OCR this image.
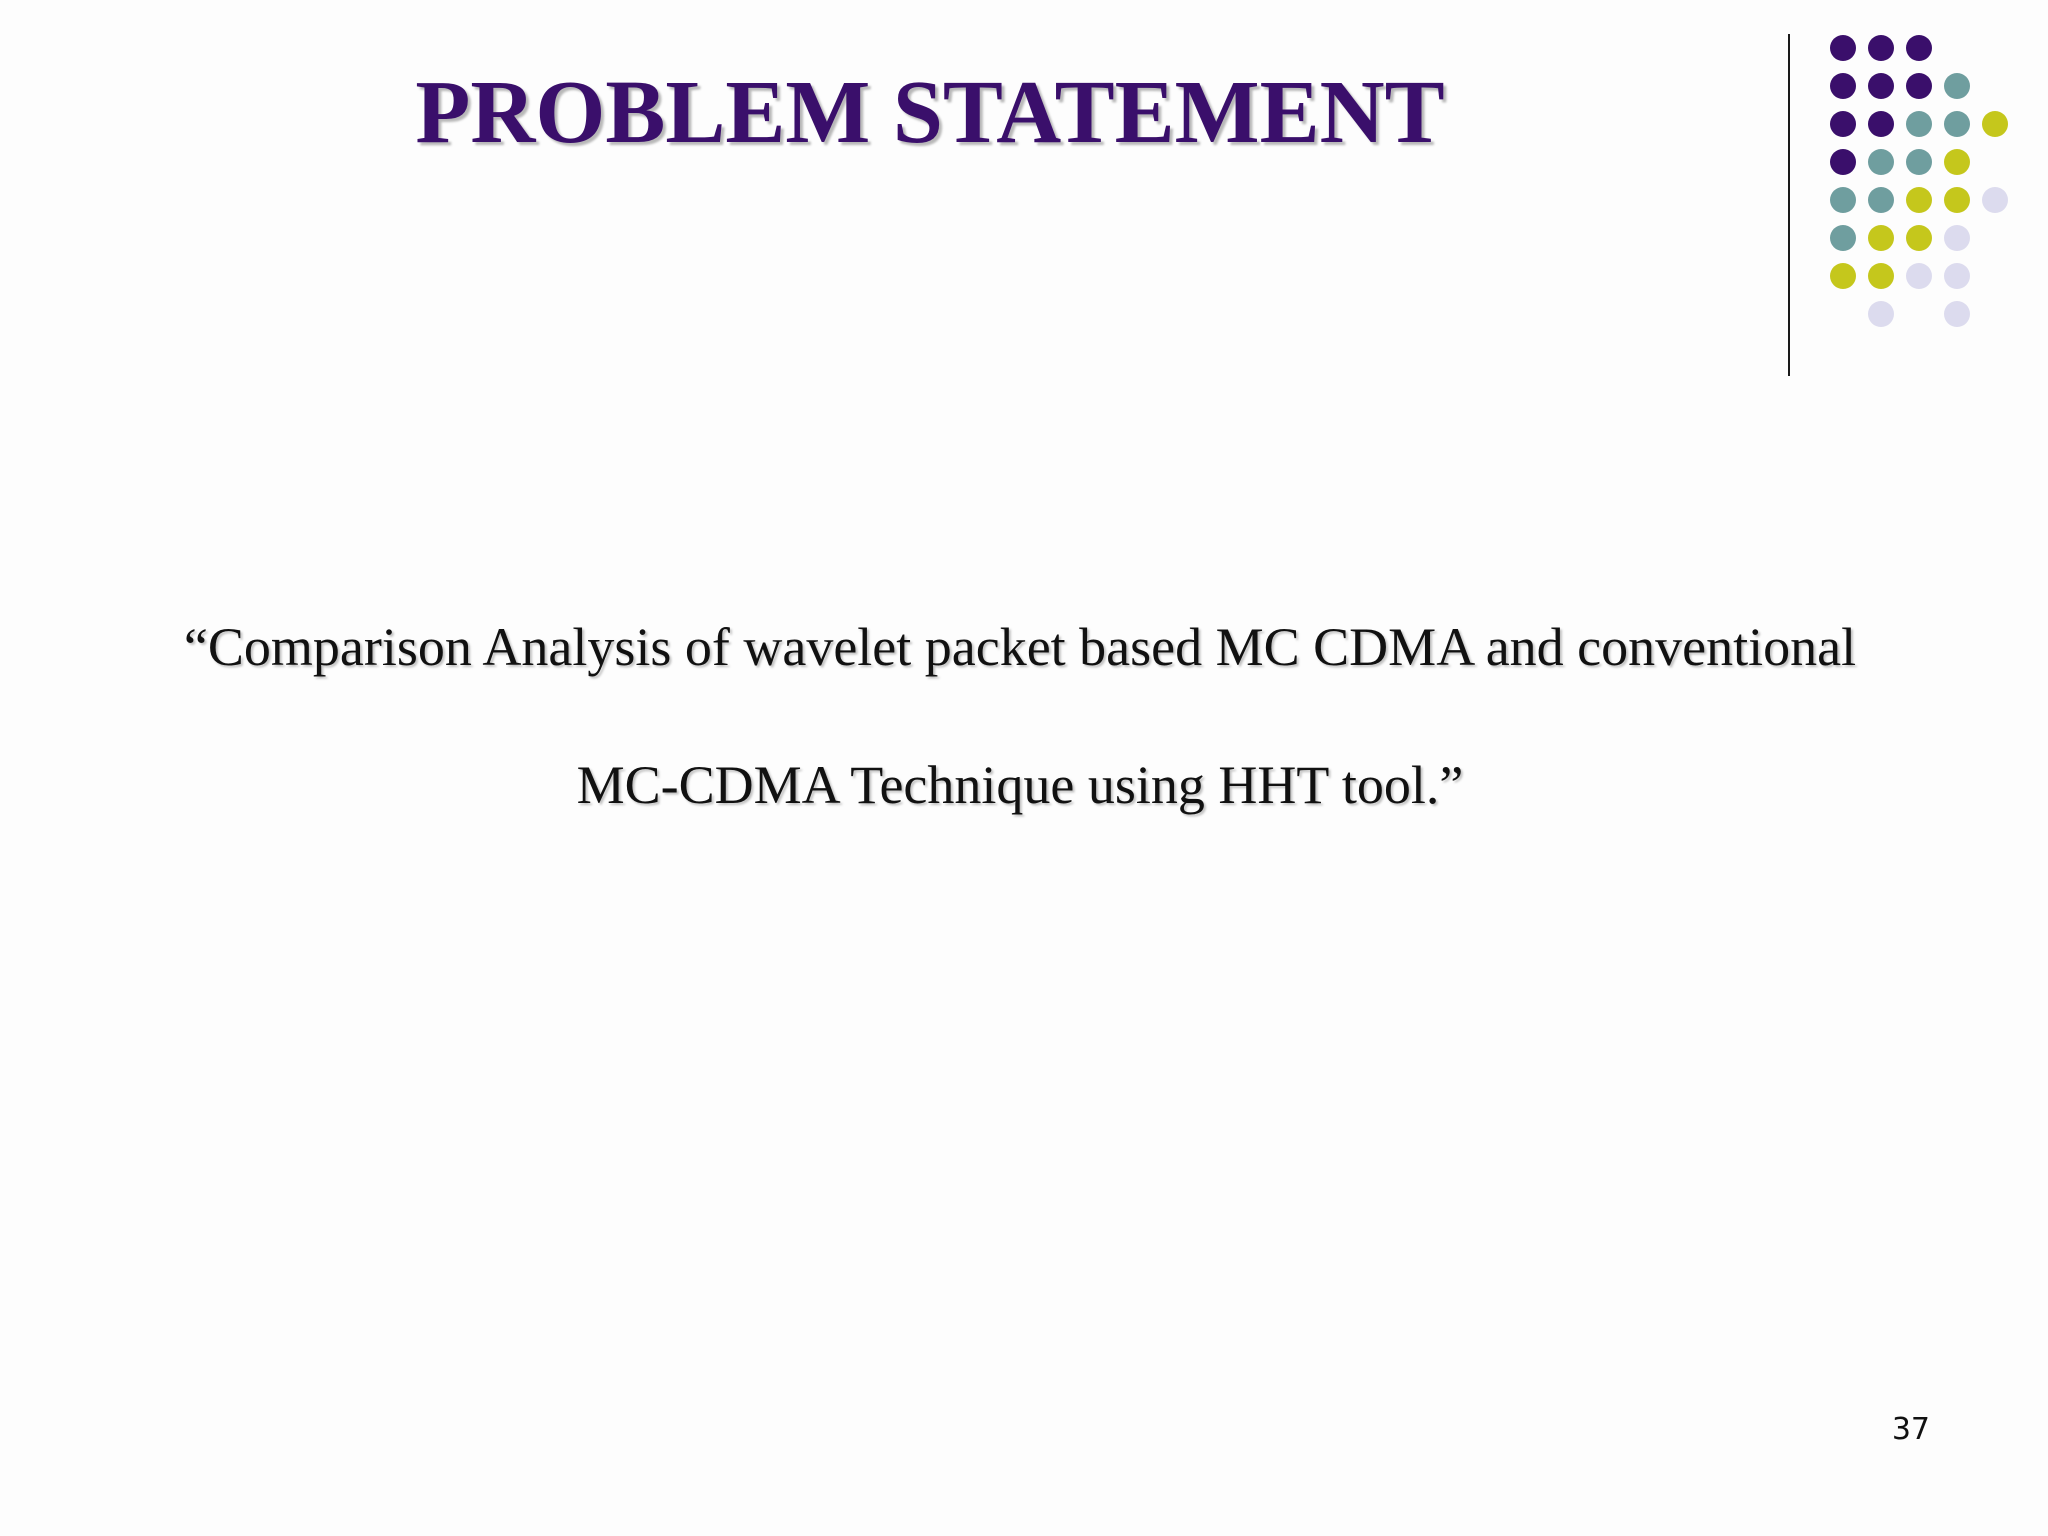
PROBLEM STATEMENT
“Comparison Analysis of wavelet packet based MC CDMA and conventional
MC-CDMA Technique using HHT tool.”
37
